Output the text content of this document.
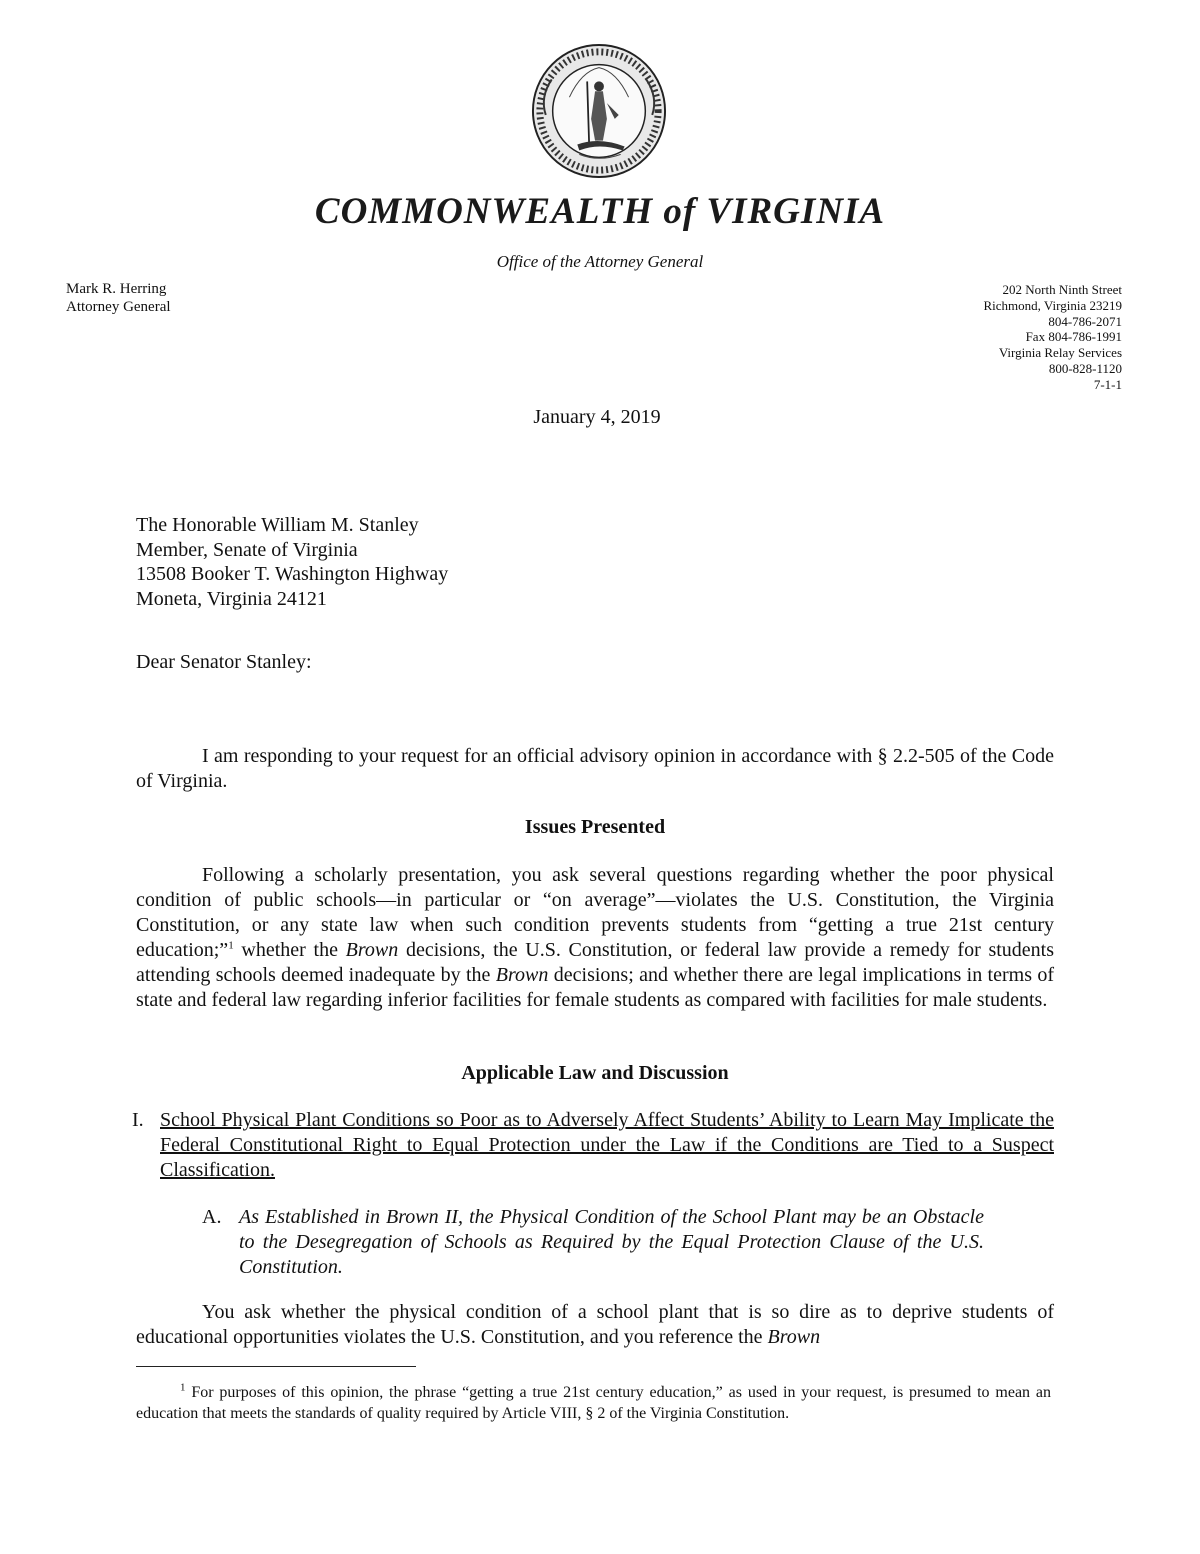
COMMONWEALTH of VIRGINIA
Office of the Attorney General
Mark R. Herring
Attorney General
202 North Ninth Street
Richmond, Virginia 23219
804-786-2071
Fax 804-786-1991
Virginia Relay Services
800-828-1120
7-1-1
January 4, 2019
The Honorable William M. Stanley
Member, Senate of Virginia
13508 Booker T. Washington Highway
Moneta, Virginia 24121
Dear Senator Stanley:
I am responding to your request for an official advisory opinion in accordance with § 2.2-505 of the Code of Virginia.
Issues Presented
Following a scholarly presentation, you ask several questions regarding whether the poor physical condition of public schools—in particular or “on average”—violates the U.S. Constitution, the Virginia Constitution, or any state law when such condition prevents students from “getting a true 21st century education;”$^1$ whether the Brown decisions, the U.S. Constitution, or federal law provide a remedy for students attending schools deemed inadequate by the Brown decisions; and whether there are legal implications in terms of state and federal law regarding inferior facilities for female students as compared with facilities for male students.
Applicable Law and Discussion
I. School Physical Plant Conditions so Poor as to Adversely Affect Students’ Ability to Learn May Implicate the Federal Constitutional Right to Equal Protection under the Law if the Conditions are Tied to a Suspect Classification.
A. As Established in Brown II, the Physical Condition of the School Plant may be an Obstacle to the Desegregation of Schools as Required by the Equal Protection Clause of the U.S. Constitution.
You ask whether the physical condition of a school plant that is so dire as to deprive students of educational opportunities violates the U.S. Constitution, and you reference the Brown
$^1$ For purposes of this opinion, the phrase “getting a true 21st century education,” as used in your request, is presumed to mean an education that meets the standards of quality required by Article VIII, § 2 of the Virginia Constitution.
